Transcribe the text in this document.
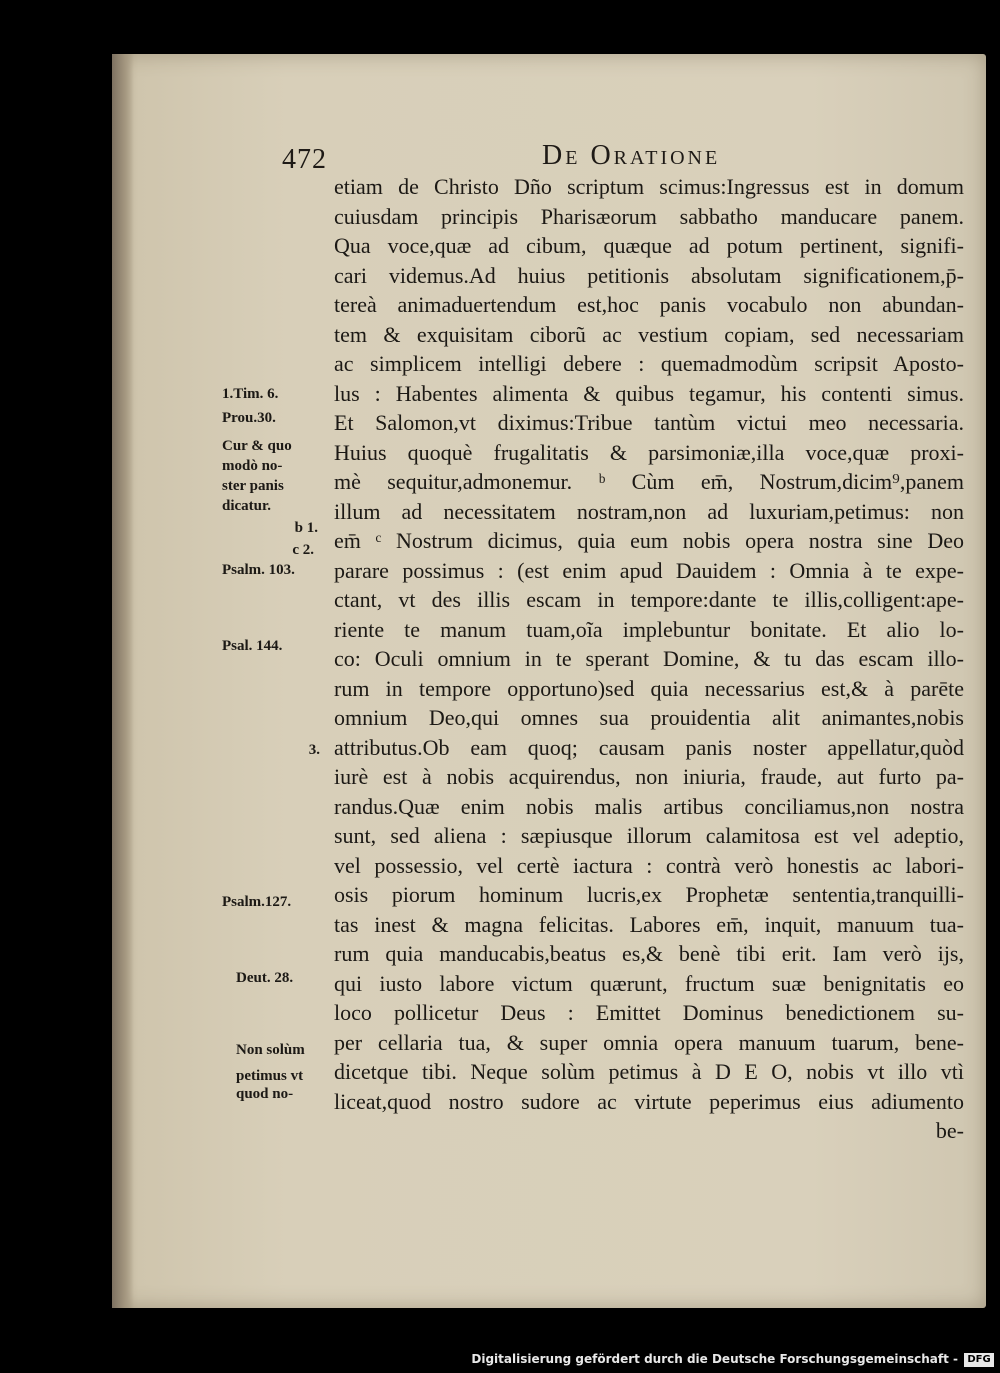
472	De Oratione
etiam de Christo Dño scriptum scimus:Ingressus est in domum
cuiusdam principis Pharisæorum sabbatho manducare panem.
Qua voce,quæ ad cibum, quæque ad potum pertinent, signifi-
cari videmus.Ad huius petitionis absolutam significationem,p̄-
tereà animaduertendum est,hoc panis vocabulo non abundan-
tem & exquisitam ciborũ ac vestium copiam, sed necessariam
ac simplicem intelligi debere : quemadmodùm scripsit Aposto-
lus : Habentes alimenta & quibus tegamur, his contenti simus.
Et Salomon,vt diximus:Tribue tantùm victui meo necessaria.
Huius quoquè frugalitatis & parsimoniæ,illa voce,quæ proxi-
mè sequitur,admonemur. ᵇ Cùm em̄, Nostrum,dicim⁹,panem
illum ad necessitatem nostram,non ad luxuriam,petimus: non
em̄ ᶜ Nostrum dicimus, quia eum nobis opera nostra sine Deo
parare possimus : (est enim apud Dauidem : Omnia à te expe-
ctant, vt des illis escam in tempore:dante te illis,colligent:ape-
riente te manum tuam,oĩa implebuntur bonitate. Et alio lo-
co: Oculi omnium in te sperant Domine, & tu das escam illo-
rum in tempore opportuno)sed quia necessarius est,& à parēte
omnium Deo,qui omnes sua prouidentia alit animantes,nobis
attributus.Ob eam quoq; causam panis noster appellatur,quòd
iurè est à nobis acquirendus, non iniuria, fraude, aut furto pa-
randus.Quæ enim nobis malis artibus conciliamus,non nostra
sunt, sed aliena : sæpiusque illorum calamitosa est vel adeptio,
vel possessio, vel certè iactura : contrà verò honestis ac labori-
osis piorum hominum lucris,ex Prophetæ sententia,tranquilli-
tas inest & magna felicitas. Labores em̄, inquit, manuum tua-
rum quia manducabis,beatus es,& benè tibi erit. Iam verò ijs,
qui iusto labore victum quærunt, fructum suæ benignitatis eo
loco pollicetur Deus : Emittet Dominus benedictionem su-
per cellaria tua, & super omnia opera manuum tuarum, bene-
dicetque tibi. Neque solùm petimus à D E O, nobis vt illo vtì
liceat,quod nostro sudore ac virtute peperimus eius adiumento
be-
1.Tim. 6.
Prou.30.
Cur & quo
modò no-
ster panis
dicatur.
b 1.
c 2.
Psalm. 103.
Psal. 144.
3.
Psalm.127.
Deut. 28.
Non solùm
petimus vt
quod no-
Digitalisierung gefördert durch die Deutsche Forschungsgemeinschaft - DFG
